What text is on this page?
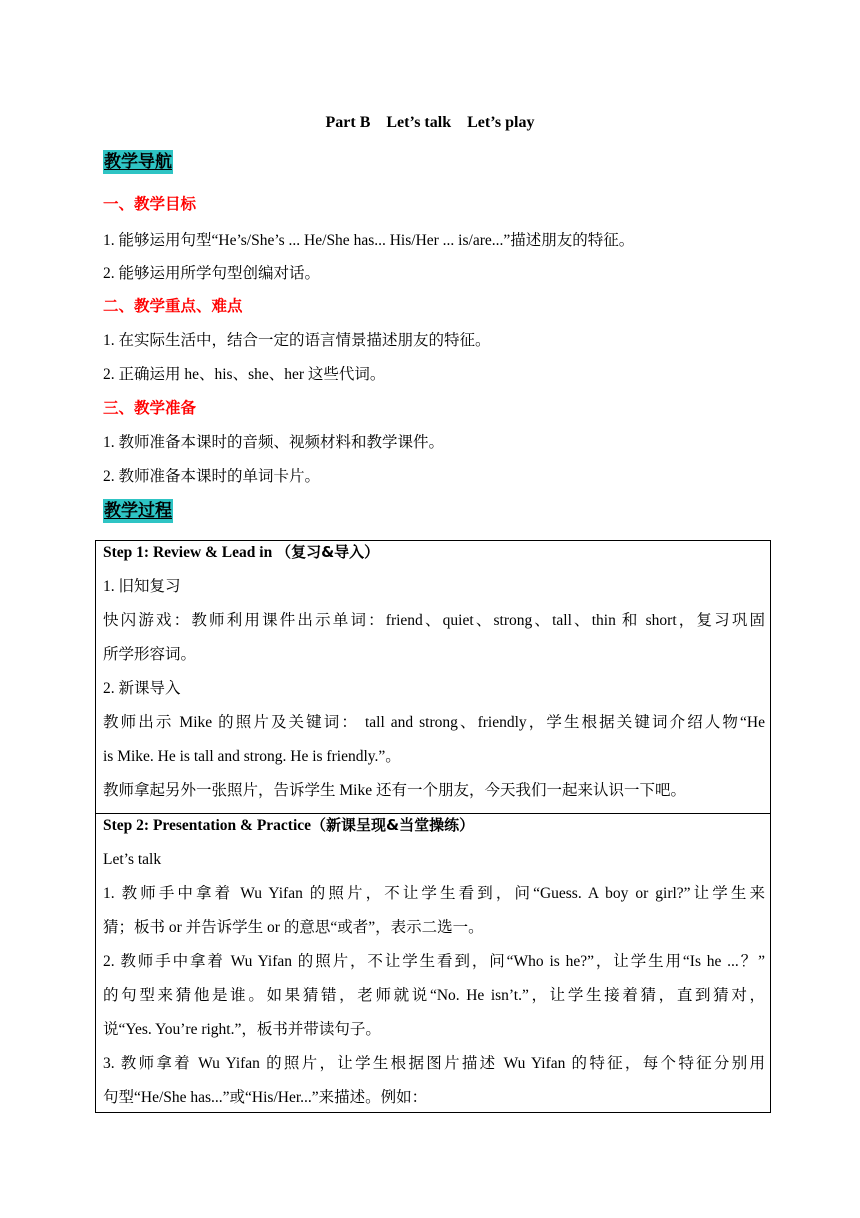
Part B    Let’s talk    Let’s play
教学导航
一、教学目标
1. 能够运用句型“He’s/She’s ... He/She has... His/Her ... is/are...”描述朋友的特征。
2. 能够运用所学句型创编对话。
二、教学重点、难点
1. 在实际生活中，结合一定的语言情景描述朋友的特征。
2. 正确运用 he、his、she、her 这些代词。
三、教学准备
1. 教师准备本课时的音频、视频材料和教学课件。
2. 教师准备本课时的单词卡片。
教学过程
Step 1: Review & Lead in （复习&导入）
1. 旧知复习
快闪游戏：教师利用课件出示单词：friend、quiet、strong、tall、thin 和 short，复习巩固
所学形容词。
2. 新课导入
教师出示 Mike 的照片及关键词： tall and strong、friendly，学生根据关键词介绍人物“He
is Mike. He is tall and strong. He is friendly.”。
教师拿起另外一张照片，告诉学生 Mike 还有一个朋友，今天我们一起来认识一下吧。
Step 2: Presentation & Practice（新课呈现&当堂操练）
Let’s talk
1. 教师手中拿着 Wu Yifan 的照片，不让学生看到，问“Guess. A boy or girl?”让学生来
猜；板书 or 并告诉学生 or 的意思“或者”，表示二选一。
2. 教师手中拿着 Wu Yifan 的照片，不让学生看到，问“Who is he?”，让学生用“Is he ...？”
的句型来猜他是谁。如果猜错，老师就说“No. He isn’t.”，让学生接着猜，直到猜对，
说“Yes. You’re right.”，板书并带读句子。
3. 教师拿着 Wu Yifan 的照片，让学生根据图片描述 Wu Yifan 的特征，每个特征分别用
句型“He/She has...”或“His/Her...”来描述。例如：
